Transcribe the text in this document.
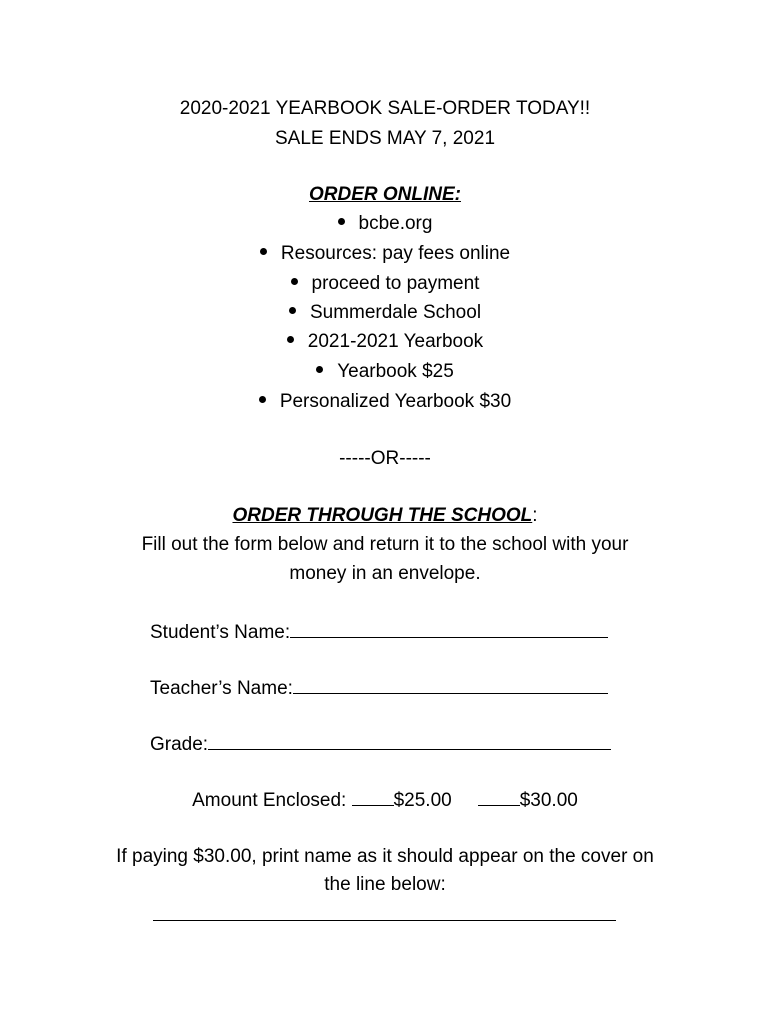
2020-2021 YEARBOOK SALE-ORDER TODAY!!
SALE ENDS MAY 7, 2021
ORDER ONLINE:
bcbe.org
Resources: pay fees online
proceed to payment
Summerdale School
2021-2021 Yearbook
Yearbook $25
Personalized Yearbook $30
-----OR-----
ORDER THROUGH THE SCHOOL:
Fill out the form below and return it to the school with your
money in an envelope.
Student’s Name:
Teacher’s Name:
Grade:
Amount Enclosed: $25.00	$30.00
If paying $30.00, print name as it should appear on the cover on
the line below:
